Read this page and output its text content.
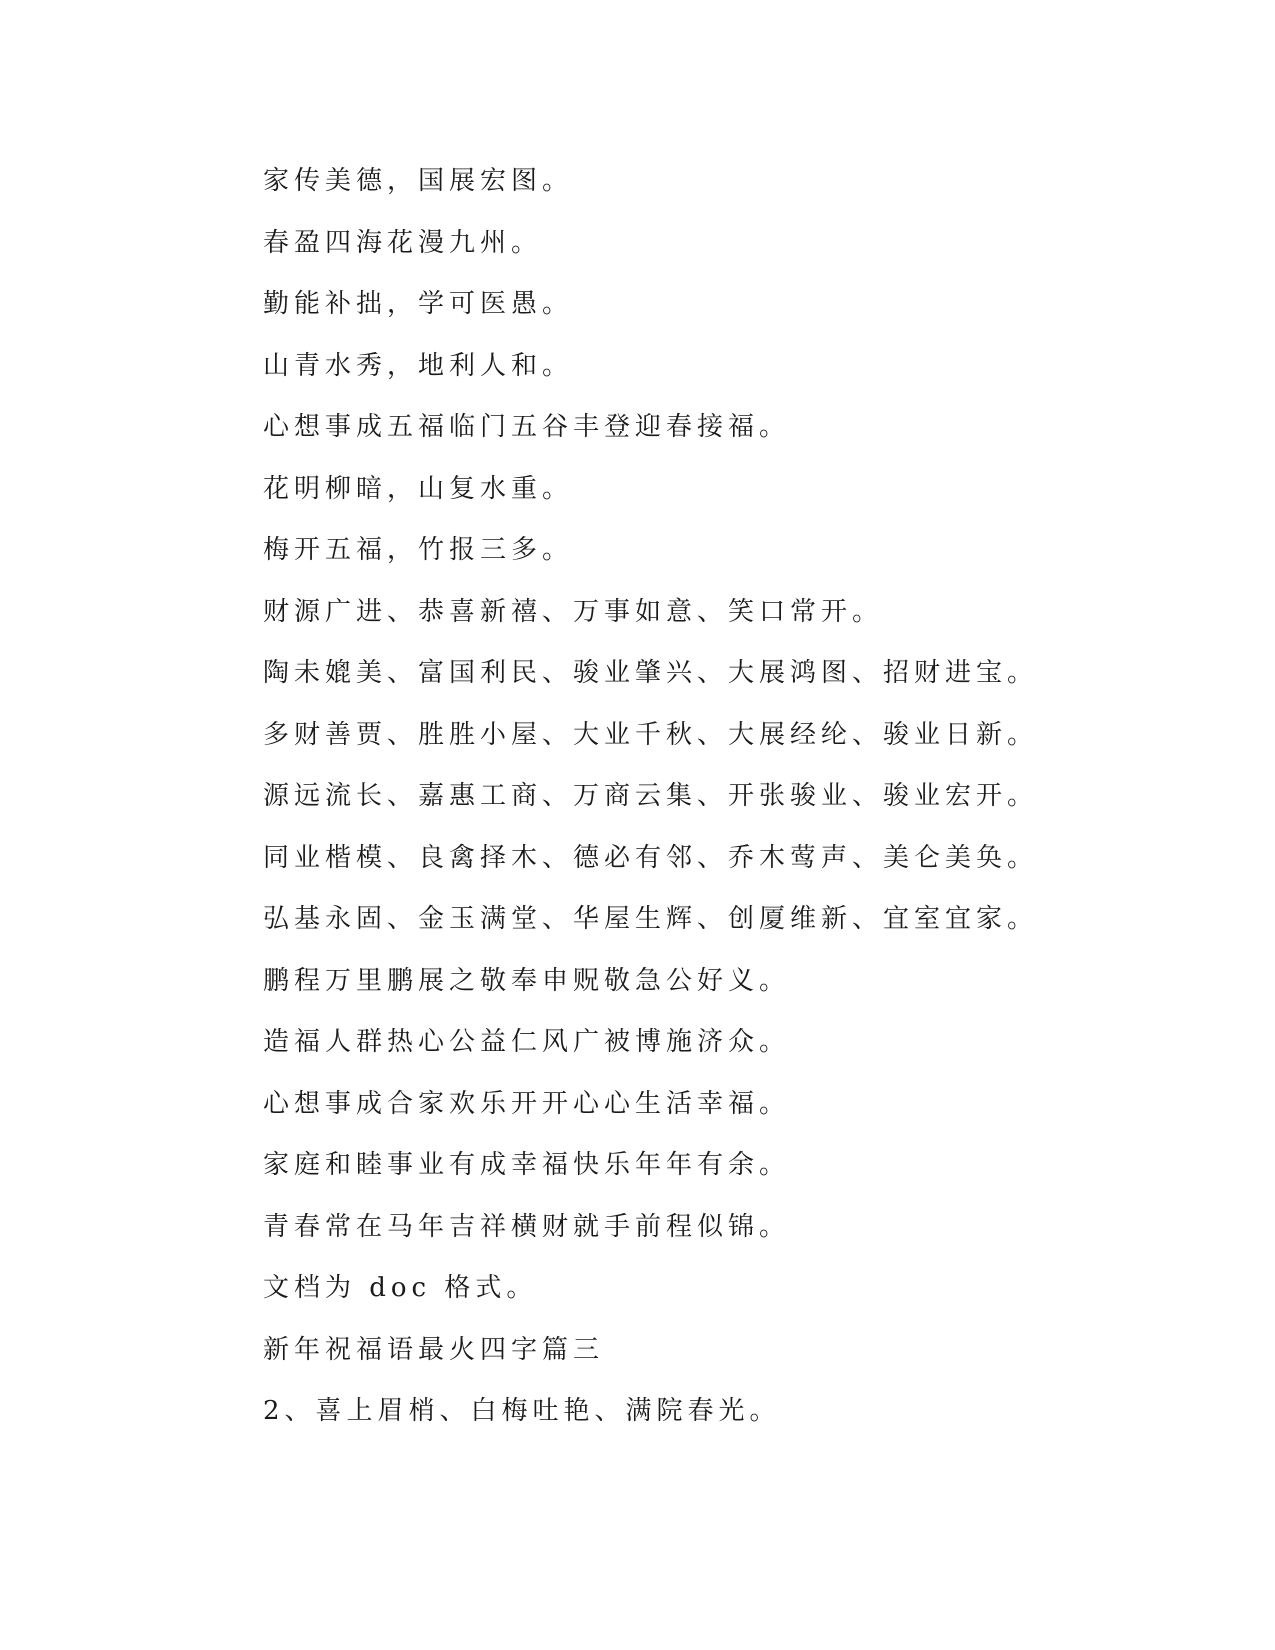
家传美德，国展宏图。
春盈四海花漫九州。
勤能补拙，学可医愚。
山青水秀，地利人和。
心想事成五福临门五谷丰登迎春接福。
花明柳暗，山复水重。
梅开五福，竹报三多。
财源广进、恭喜新禧、万事如意、笑口常开。
陶未媲美、富国利民、骏业肇兴、大展鸿图、招财进宝。
多财善贾、胜胜小屋、大业千秋、大展经纶、骏业日新。
源远流长、嘉惠工商、万商云集、开张骏业、骏业宏开。
同业楷模、良禽择木、德必有邻、乔木莺声、美仑美奂。
弘基永固、金玉满堂、华屋生辉、创厦维新、宜室宜家。
鹏程万里鹏展之敬奉申贶敬急公好义。
造福人群热心公益仁风广被博施济众。
心想事成合家欢乐开开心心生活幸福。
家庭和睦事业有成幸福快乐年年有余。
青春常在马年吉祥横财就手前程似锦。
文档为 doc 格式。
新年祝福语最火四字篇三
2、喜上眉梢、白梅吐艳、满院春光。
